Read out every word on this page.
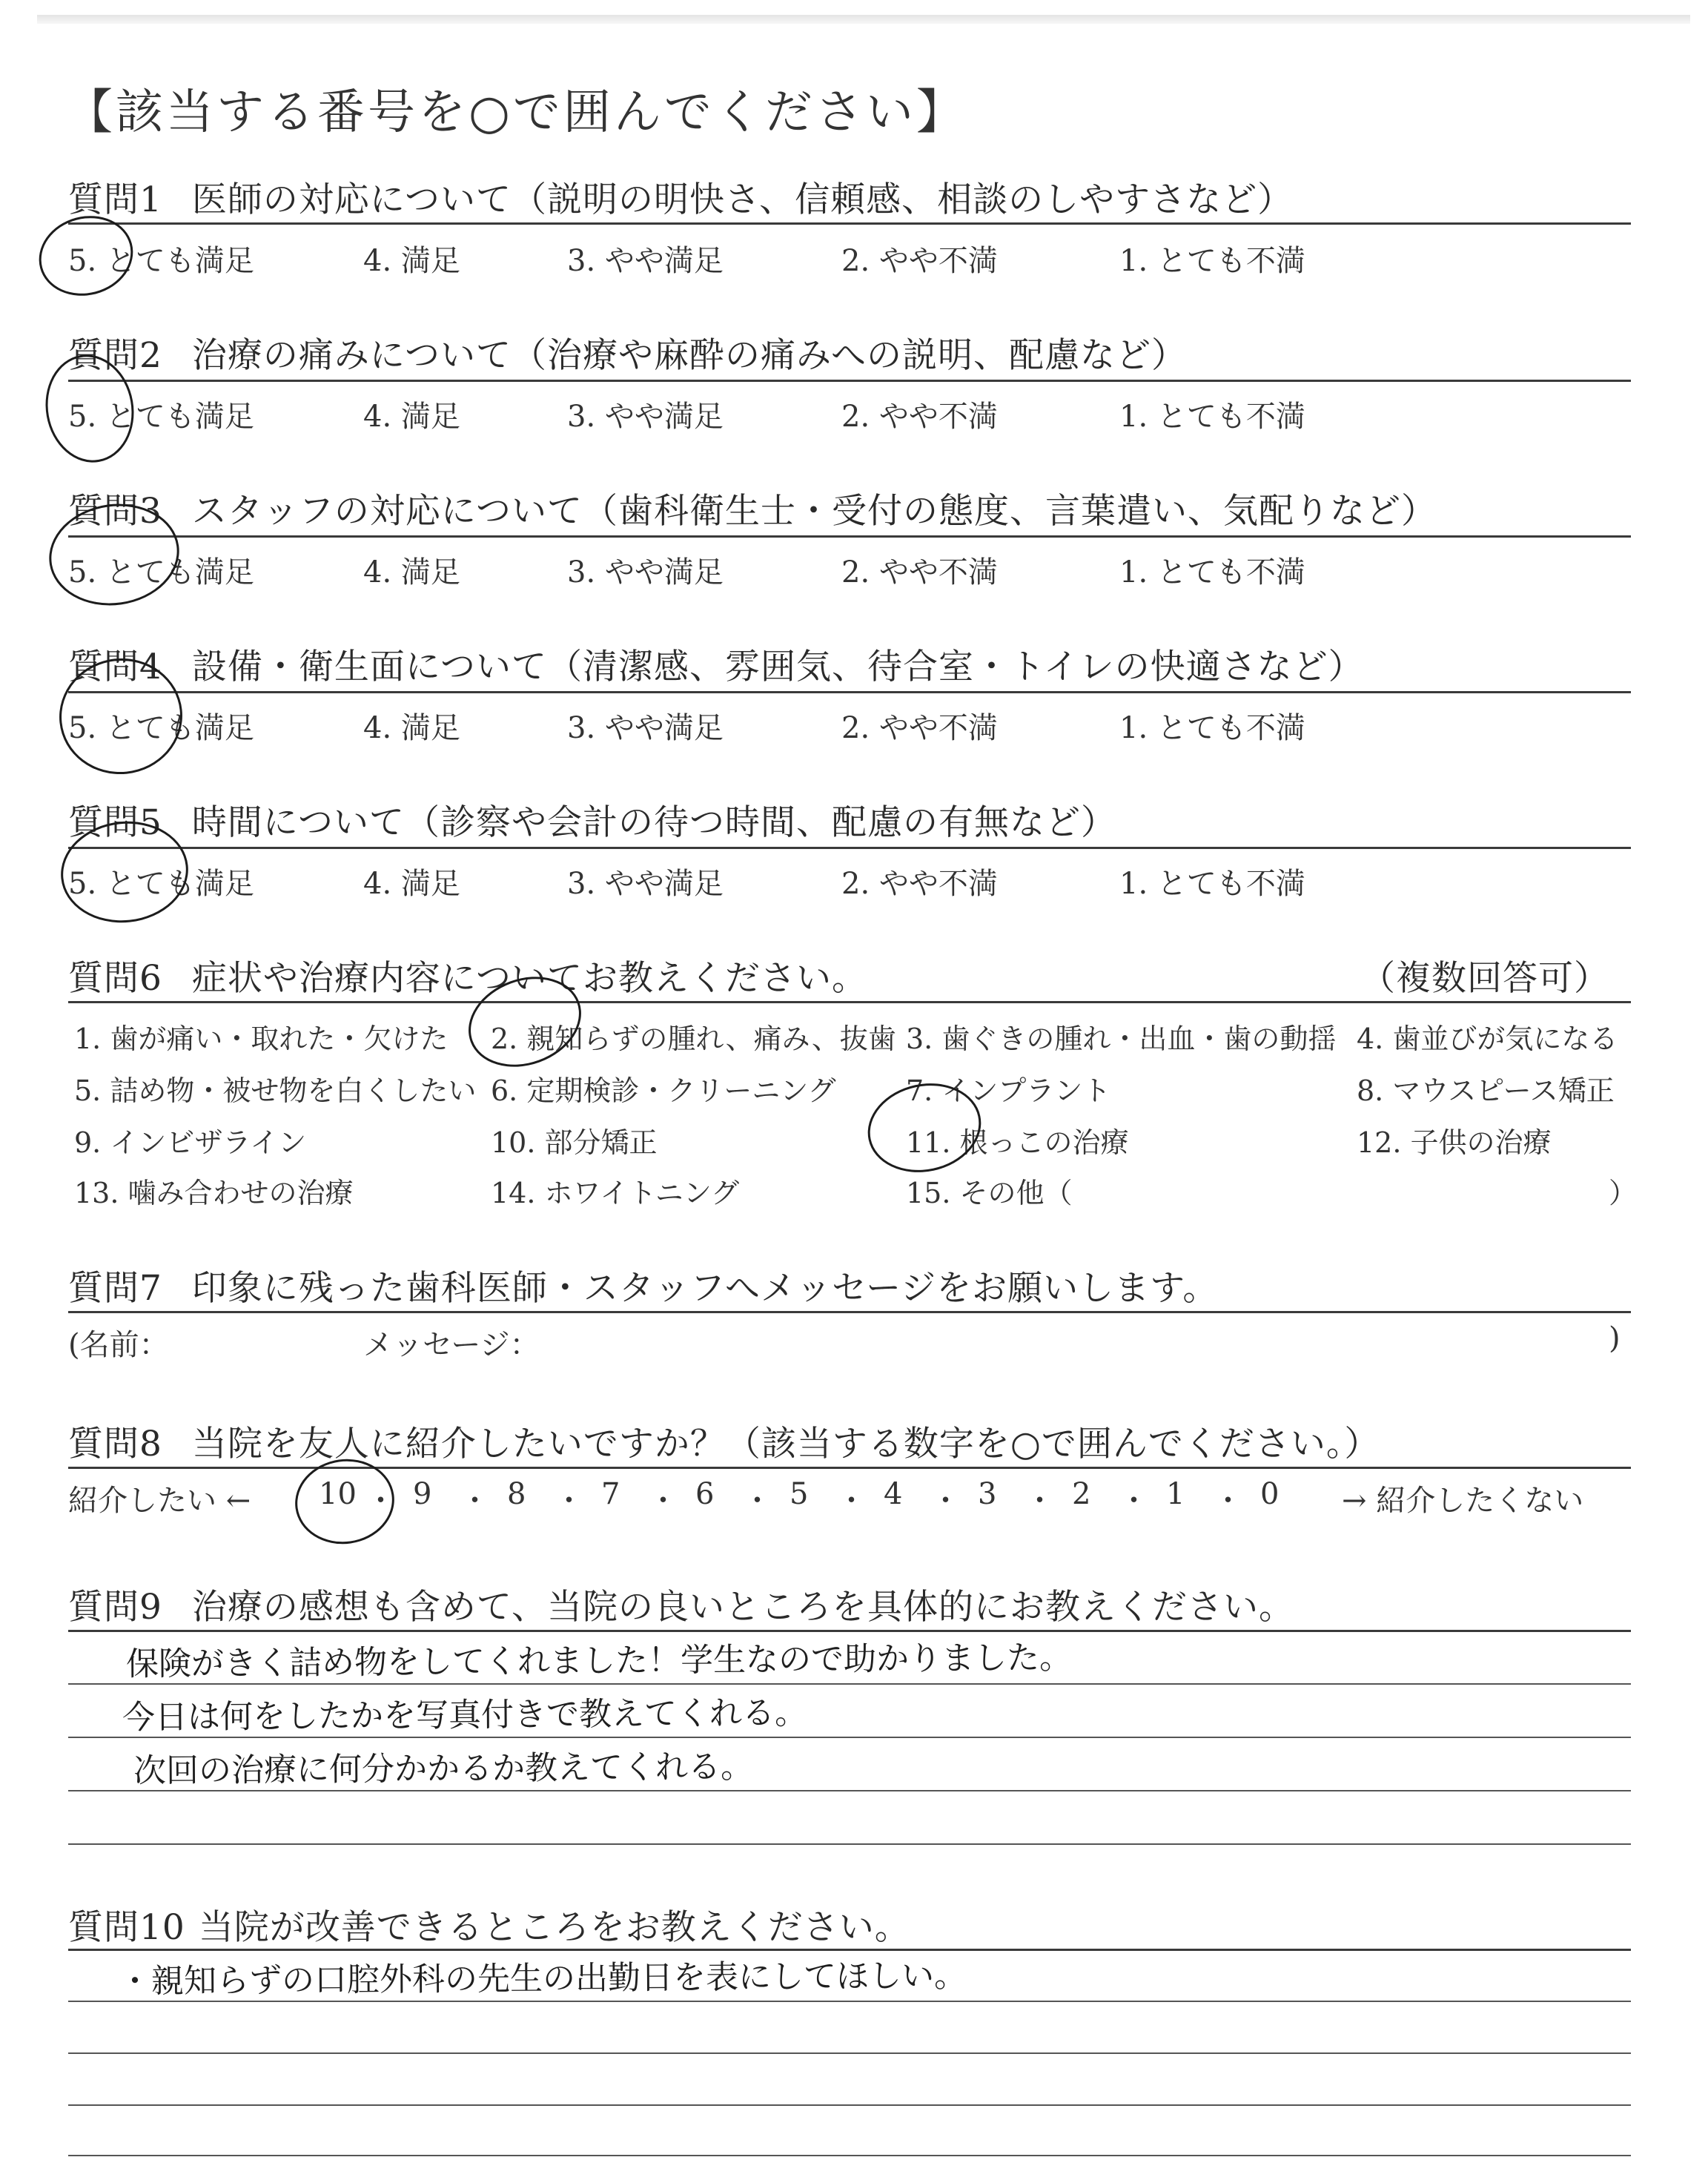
【該当する番号を○で囲んでください】
質問1 医師の対応について（説明の明快さ、信頼感、相談のしやすさなど）
5. とても満足	4. 満足	3. やや満足	2. やや不満	1. とても不満
質問2 治療の痛みについて（治療や麻酔の痛みへの説明、配慮など）
5. とても満足	4. 満足	3. やや満足	2. やや不満	1. とても不満
質問3 スタッフの対応について（歯科衛生士・受付の態度、言葉遣い、気配りなど）
5. とても満足	4. 満足	3. やや満足	2. やや不満	1. とても不満
質問4 設備・衛生面について（清潔感、雰囲気、待合室・トイレの快適さなど）
5. とても満足	4. 満足	3. やや満足	2. やや不満	1. とても不満
質問5 時間について（診察や会計の待つ時間、配慮の有無など）
5. とても満足	4. 満足	3. やや満足	2. やや不満	1. とても不満
質問6 症状や治療内容についてお教えください。	（複数回答可）
1. 歯が痛い・取れた・欠けた 2. 親知らずの腫れ、痛み、抜歯 3. 歯ぐきの腫れ・出血・歯の動揺 4. 歯並びが気になる
5. 詰め物・被せ物を白くしたい 6. 定期検診・クリーニング 7. インプラント	8. マウスピース矯正
9. インビザライン	10. 部分矯正	11. 根っこの治療	12. 子供の治療
13. 噛み合わせの治療	14. ホワイトニング	15. その他（	）
質問7 印象に残った歯科医師・スタッフへメッセージをお願いします。
(名前：	メッセージ：	)
質問8 当院を友人に紹介したいですか？（該当する数字を○で囲んでください。）
紹介したい ←	→ 紹介したくない
10 ・ 9 ・ 8 ・ 7 ・ 6 ・ 5 ・ 4 ・ 3 ・ 2 ・ 1 ・ 0
質問9 治療の感想も含めて、当院の良いところを具体的にお教えください。
保険がきく詰め物をしてくれました！学生なので助かりました。
今日は何をしたかを写真付きで教えてくれる。
次回の治療に何分かかるか教えてくれる。
質問10 当院が改善できるところをお教えください。
・親知らずの口腔外科の先生の出勤日を表にしてほしい。
